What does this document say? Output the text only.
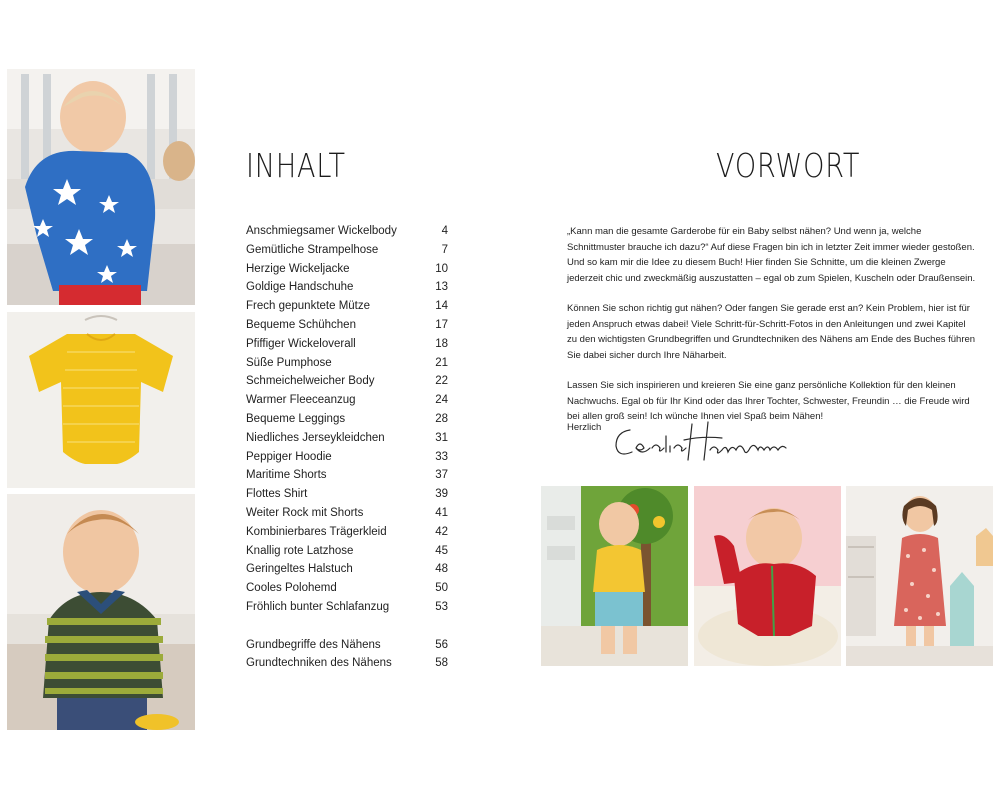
INHALT
Anschmiegsamer Wickelbody	4
Gemütliche Strampelhose	7
Herzige Wickeljacke	10
Goldige Handschuhe	13
Frech gepunktete Mütze	14
Bequeme Schühchen	17
Pfiffiger Wickeloverall	18
Süße Pumphose	21
Schmeichelweicher Body	22
Warmer Fleeceanzug	24
Bequeme Leggings	28
Niedliches Jerseykleidchen	31
Peppiger Hoodie	33
Maritime Shorts	37
Flottes Shirt	39
Weiter Rock mit Shorts	41
Kombinierbares Trägerkleid	42
Knallig rote Latzhose	45
Geringeltes Halstuch	48
Cooles Polohemd	50
Fröhlich bunter Schlafanzug	53
Grundbegriffe des Nähens	56
Grundtechniken des Nähens	58
VORWORT

„Kann man die gesamte Garderobe für ein Baby selbst nähen? Und wenn ja, welche Schnittmuster brauche ich dazu?“ Auf diese Fragen bin ich in letzter Zeit immer wieder gestoßen. Und so kam mir die Idee zu diesem Buch! Hier finden Sie Schnitte, um die kleinen Zwerge jederzeit chic und zweckmäßig auszustatten – egal ob zum Spielen, Kuscheln oder Draußensein.

Können Sie schon richtig gut nähen? Oder fangen Sie gerade erst an? Kein Problem, hier ist für jeden Anspruch etwas dabei! Viele Schritt-für-Schritt-Fotos in den Anleitungen und zwei Kapitel zu den wichtigsten Grundbegriffen und Grundtechniken des Nähens am Ende des Buches führen Sie dabei sicher durch Ihre Näharbeit.

Lassen Sie sich inspirieren und kreieren Sie eine ganz persönliche Kollektion für den kleinen Nachwuchs. Egal ob für Ihr Kind oder das Ihrer Tochter, Schwester, Freundin … die Freude wird bei allen groß sein! Ich wünche Ihnen viel Spaß beim Nähen!

Herzlich
